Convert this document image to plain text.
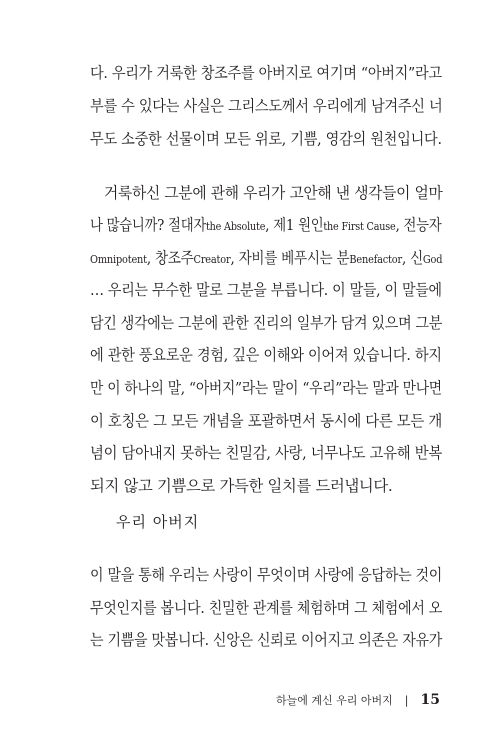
다. 우리가 거룩한 창조주를 아버지로 여기며 “아버지”라고
부를 수 있다는 사실은 그리스도께서 우리에게 남겨주신 너
무도 소중한 선물이며 모든 위로, 기쁨, 영감의 원천입니다.
거룩하신 그분에 관해 우리가 고안해 낸 생각들이 얼마
나 많습니까? 절대자the Absolute, 제1 원인the First Cause, 전능자
Omnipotent, 창조주Creator, 자비를 베푸시는 분Benefactor, 신God
… 우리는 무수한 말로 그분을 부릅니다. 이 말들, 이 말들에
담긴 생각에는 그분에 관한 진리의 일부가 담겨 있으며 그분
에 관한 풍요로운 경험, 깊은 이해와 이어져 있습니다. 하지
만 이 하나의 말, “아버지”라는 말이 “우리”라는 말과 만나면
이 호칭은 그 모든 개념을 포괄하면서 동시에 다른 모든 개
념이 담아내지 못하는 친밀감, 사랑, 너무나도 고유해 반복
되지 않고 기쁨으로 가득한 일치를 드러냅니다.
우리 아버지
이 말을 통해 우리는 사랑이 무엇이며 사랑에 응답하는 것이
무엇인지를 봅니다. 친밀한 관계를 체험하며 그 체험에서 오
는 기쁨을 맛봅니다. 신앙은 신뢰로 이어지고 의존은 자유가
하늘에 계신 우리 아버지 | 15
